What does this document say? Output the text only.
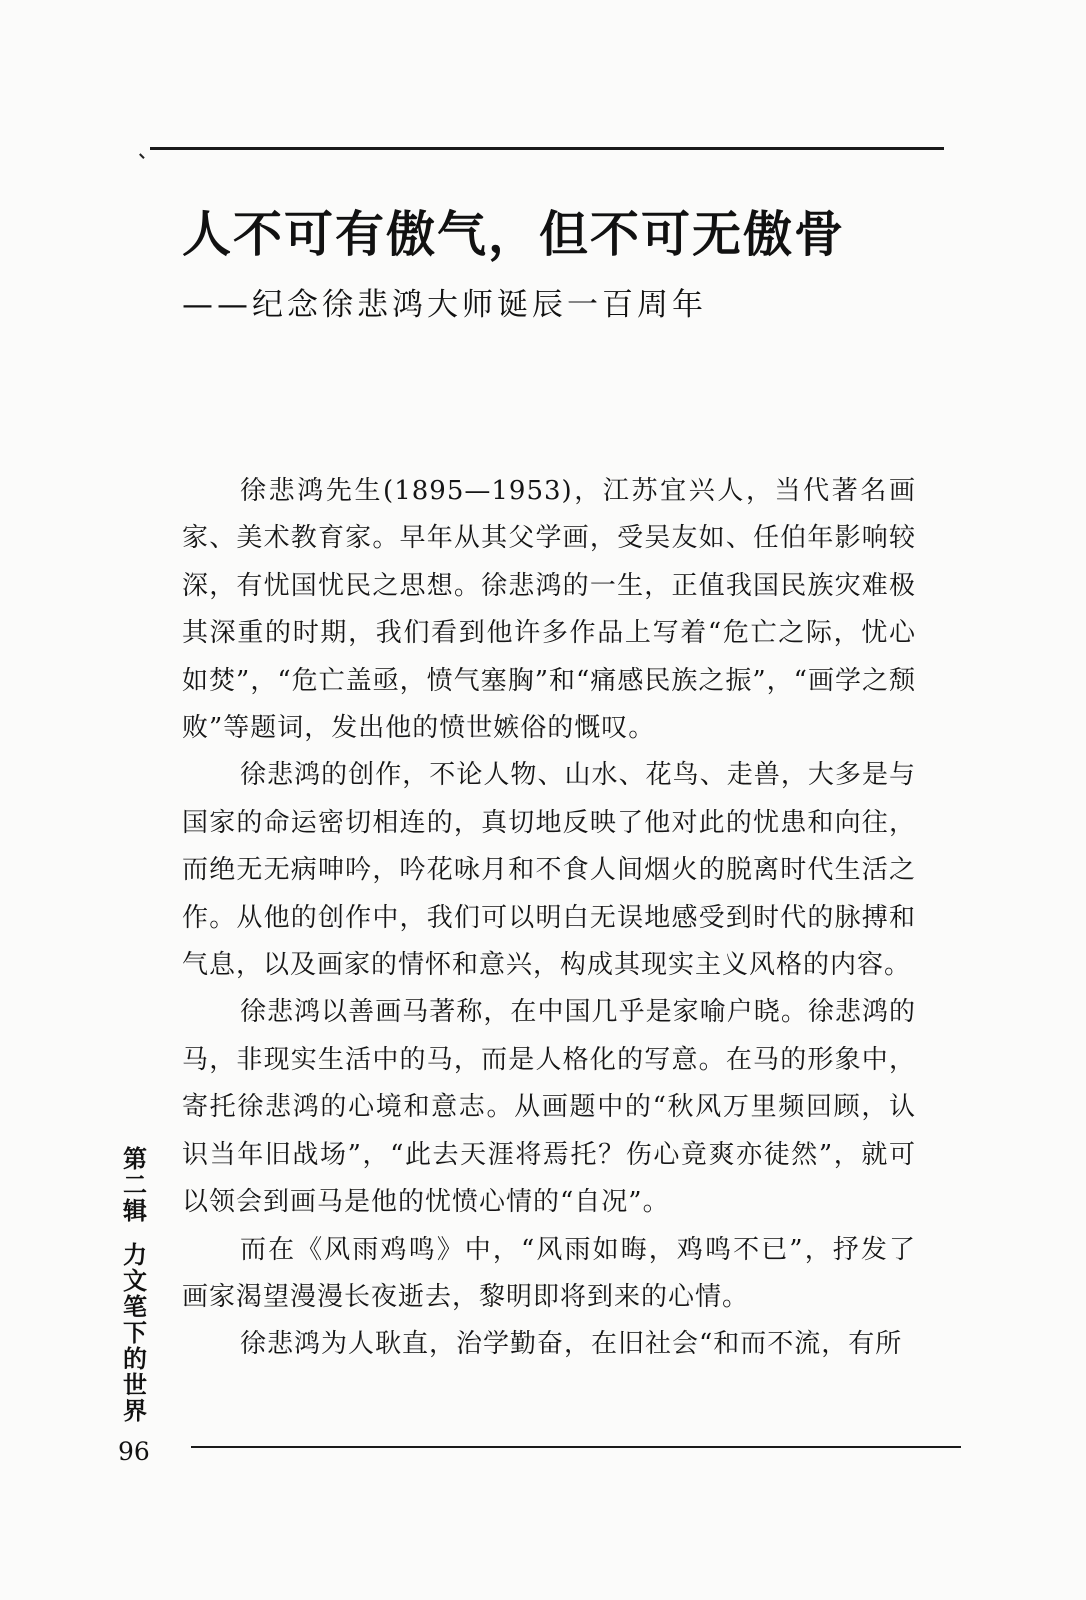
人不可有傲气，但不可无傲骨
——纪念徐悲鸿大师诞辰一百周年

徐悲鸿先生(1895—1953)，江苏宜兴人，当代著名画家、美术教育家。早年从其父学画，受吴友如、任伯年影响较深，有忧国忧民之思想。徐悲鸿的一生，正值我国民族灾难极其深重的时期，我们看到他许多作品上写着“危亡之际，忧心如焚”，“危亡盖亟，愤气塞胸”和“痛感民族之振”，“画学之颓败”等题词，发出他的愤世嫉俗的慨叹。

徐悲鸿的创作，不论人物、山水、花鸟、走兽，大多是与国家的命运密切相连的，真切地反映了他对此的忧患和向往，而绝无无病呻吟，吟花咏月和不食人间烟火的脱离时代生活之作。从他的创作中，我们可以明白无误地感受到时代的脉搏和气息，以及画家的情怀和意兴，构成其现实主义风格的内容。

徐悲鸿以善画马著称，在中国几乎是家喻户晓。徐悲鸿的马，非现实生活中的马，而是人格化的写意。在马的形象中，寄托徐悲鸿的心境和意志。从画题中的“秋风万里频回顾，认识当年旧战场”，“此去天涯将焉托？伤心竟爽亦徒然”，就可以领会到画马是他的忧愤心情的“自况”。

而在《风雨鸡鸣》中，“风雨如晦，鸡鸣不已”，抒发了画家渴望漫漫长夜逝去，黎明即将到来的心情。

徐悲鸿为人耿直，治学勤奋，在旧社会“和而不流，有所

第二辑
力文笔下的世界
96
